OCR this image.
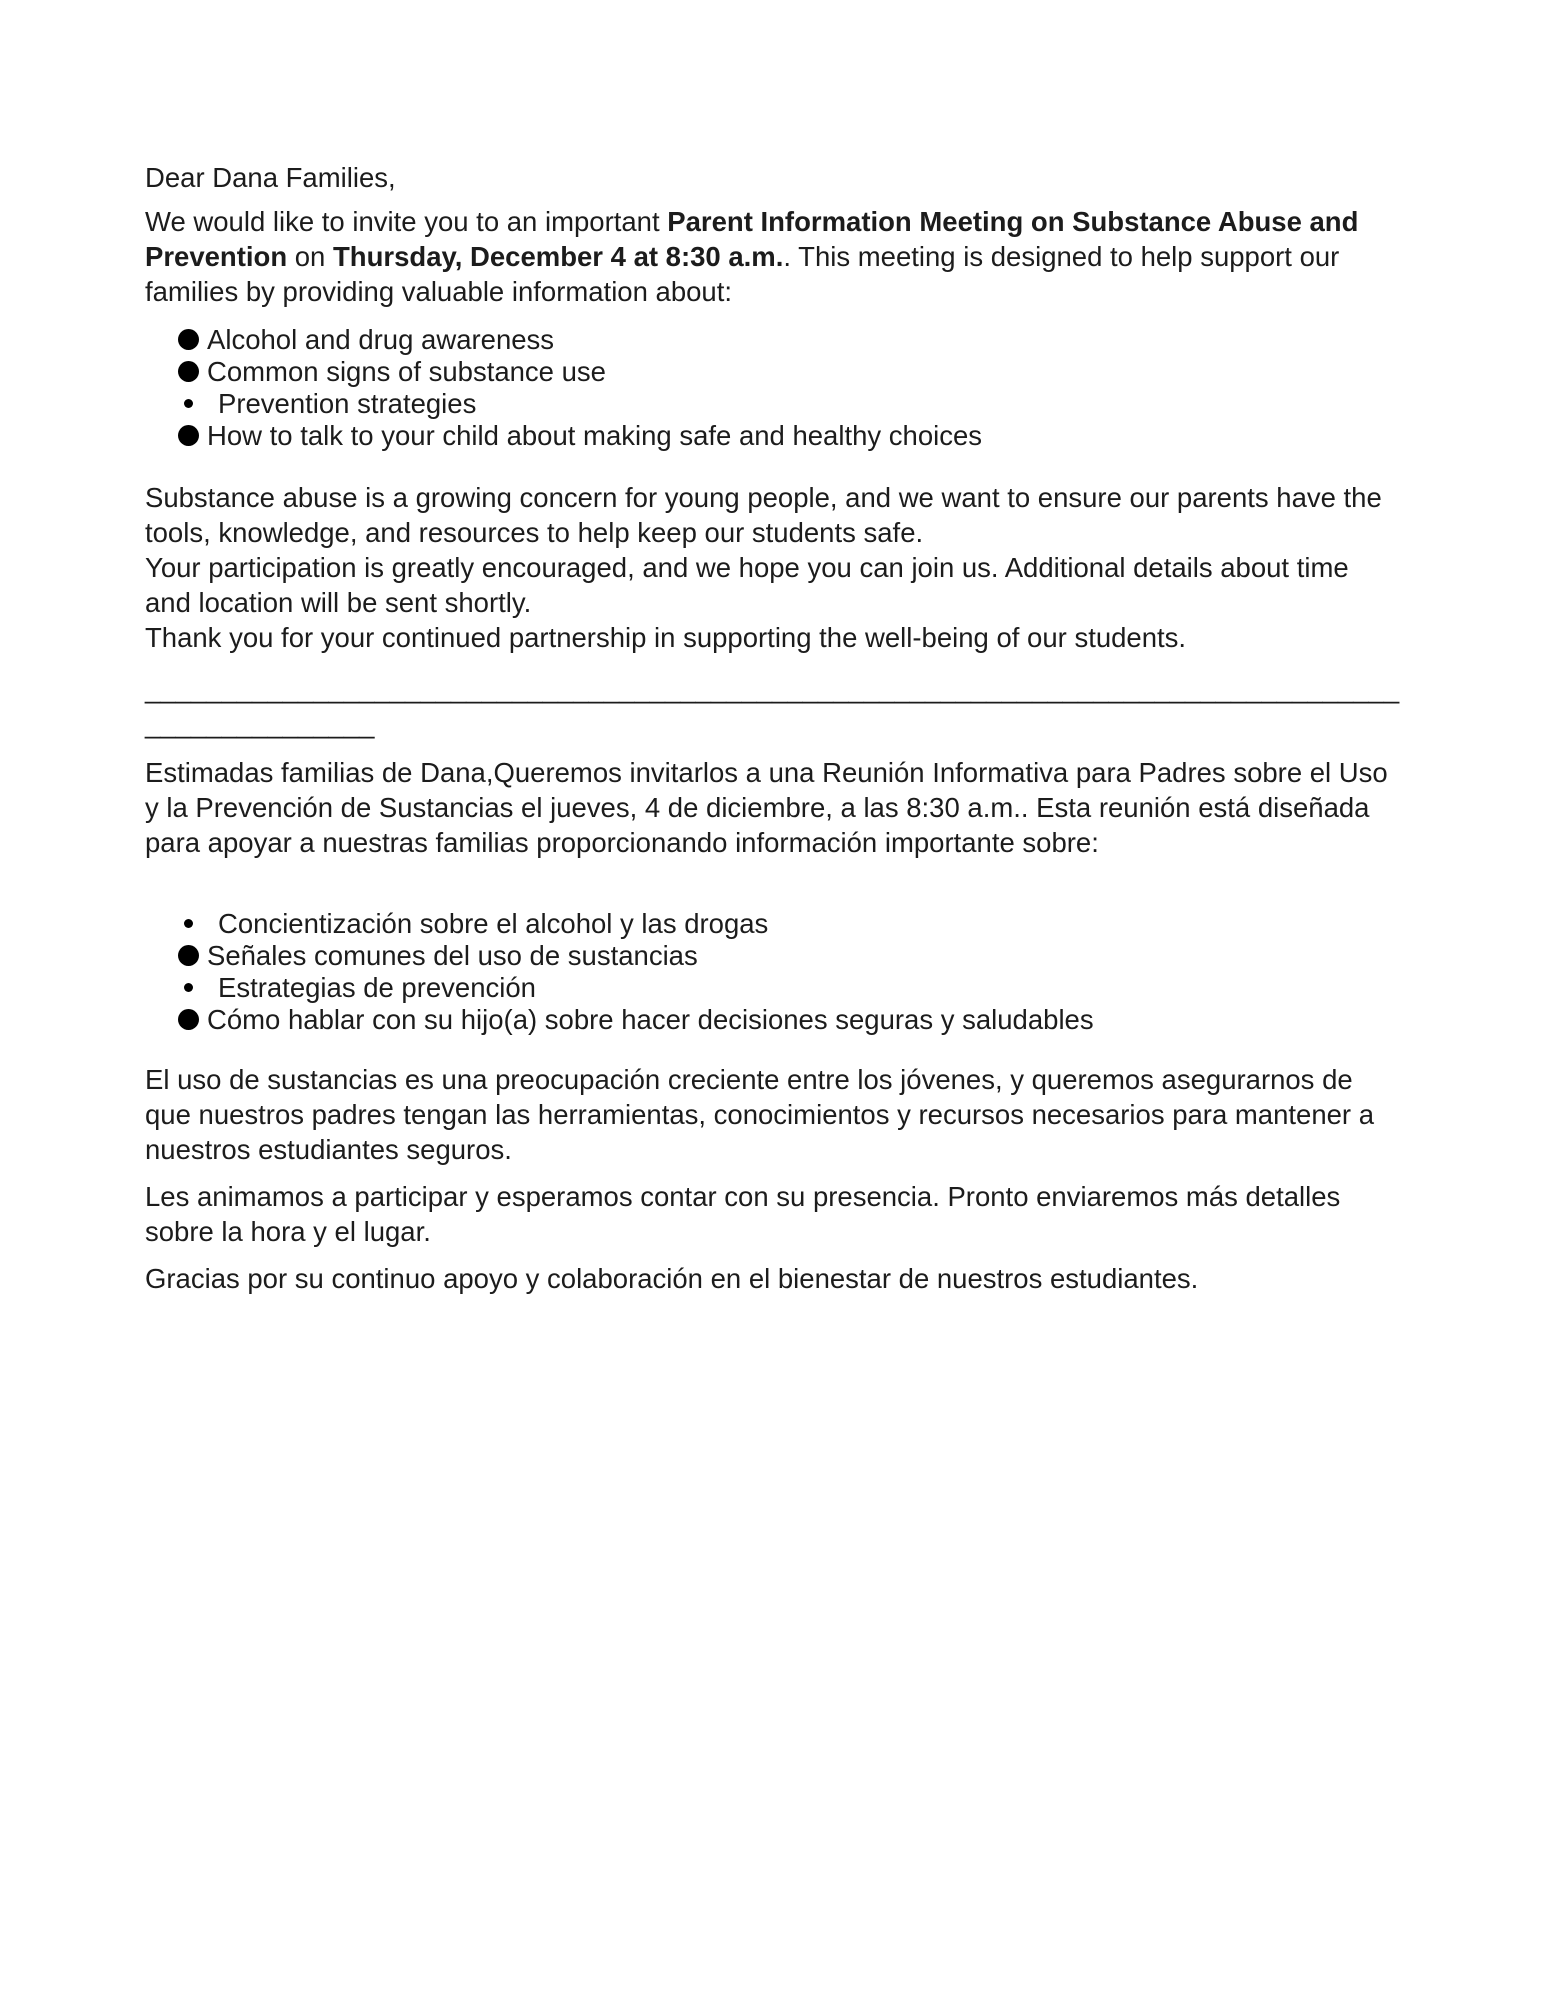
Dear Dana Families,

We would like to invite you to an important Parent Information Meeting on Substance Abuse and Prevention on Thursday, December 4 at 8:30 a.m.. This meeting is designed to help support our families by providing valuable information about:

Alcohol and drug awareness
Common signs of substance use
Prevention strategies
How to talk to your child about making safe and healthy choices

Substance abuse is a growing concern for young people, and we want to ensure our parents have the tools, knowledge, and resources to help keep our students safe.

Your participation is greatly encouraged, and we hope you can join us. Additional details about time and location will be sent shortly.

Thank you for your continued partnership in supporting the well-being of our students.

_________________________________________________________________________________________________

Estimadas familias de Dana,Queremos invitarlos a una Reunión Informativa para Padres sobre el Uso y la Prevención de Sustancias el jueves, 4 de diciembre, a las 8:30 a.m.. Esta reunión está diseñada para apoyar a nuestras familias proporcionando información importante sobre:

Concientización sobre el alcohol y las drogas
Señales comunes del uso de sustancias
Estrategias de prevención
Cómo hablar con su hijo(a) sobre hacer decisiones seguras y saludables

El uso de sustancias es una preocupación creciente entre los jóvenes, y queremos asegurarnos de que nuestros padres tengan las herramientas, conocimientos y recursos necesarios para mantener a nuestros estudiantes seguros.

Les animamos a participar y esperamos contar con su presencia. Pronto enviaremos más detalles sobre la hora y el lugar.

Gracias por su continuo apoyo y colaboración en el bienestar de nuestros estudiantes.
